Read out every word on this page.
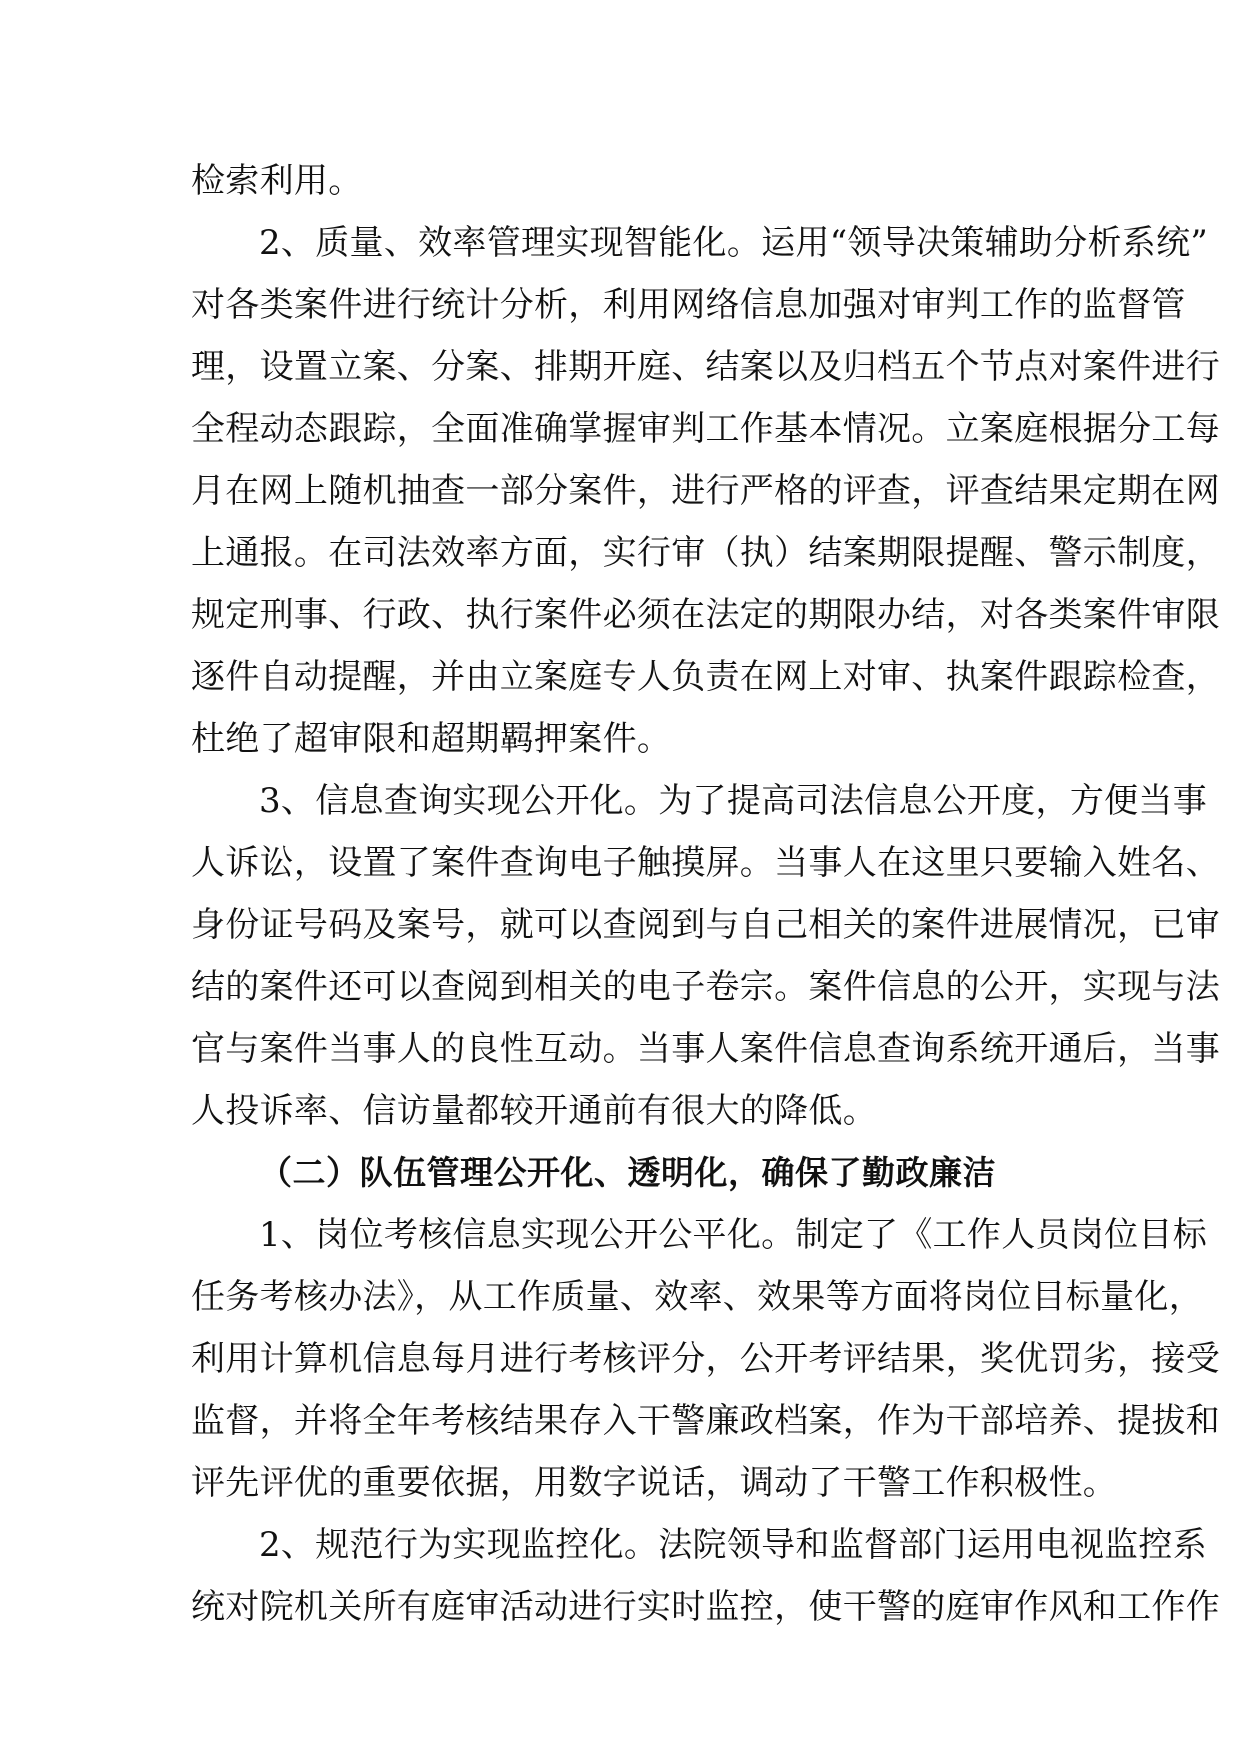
检索利用。
2、质量、效率管理实现智能化。运用“领导决策辅助分析系统”
对各类案件进行统计分析，利用网络信息加强对审判工作的监督管
理，设置立案、分案、排期开庭、结案以及归档五个节点对案件进行
全程动态跟踪，全面准确掌握审判工作基本情况。立案庭根据分工每
月在网上随机抽查一部分案件，进行严格的评查，评查结果定期在网
上通报。在司法效率方面，实行审（执）结案期限提醒、警示制度，
规定刑事、行政、执行案件必须在法定的期限办结，对各类案件审限
逐件自动提醒，并由立案庭专人负责在网上对审、执案件跟踪检查，
杜绝了超审限和超期羁押案件。
3、信息查询实现公开化。为了提高司法信息公开度，方便当事
人诉讼，设置了案件查询电子触摸屏。当事人在这里只要输入姓名、
身份证号码及案号，就可以查阅到与自己相关的案件进展情况，已审
结的案件还可以查阅到相关的电子卷宗。案件信息的公开，实现与法
官与案件当事人的良性互动。当事人案件信息查询系统开通后，当事
人投诉率、信访量都较开通前有很大的降低。
（二）队伍管理公开化、透明化，确保了勤政廉洁
1、岗位考核信息实现公开公平化。制定了《工作人员岗位目标
任务考核办法》，从工作质量、效率、效果等方面将岗位目标量化，
利用计算机信息每月进行考核评分，公开考评结果，奖优罚劣，接受
监督，并将全年考核结果存入干警廉政档案，作为干部培养、提拔和
评先评优的重要依据，用数字说话，调动了干警工作积极性。
2、规范行为实现监控化。法院领导和监督部门运用电视监控系
统对院机关所有庭审活动进行实时监控，使干警的庭审作风和工作作
